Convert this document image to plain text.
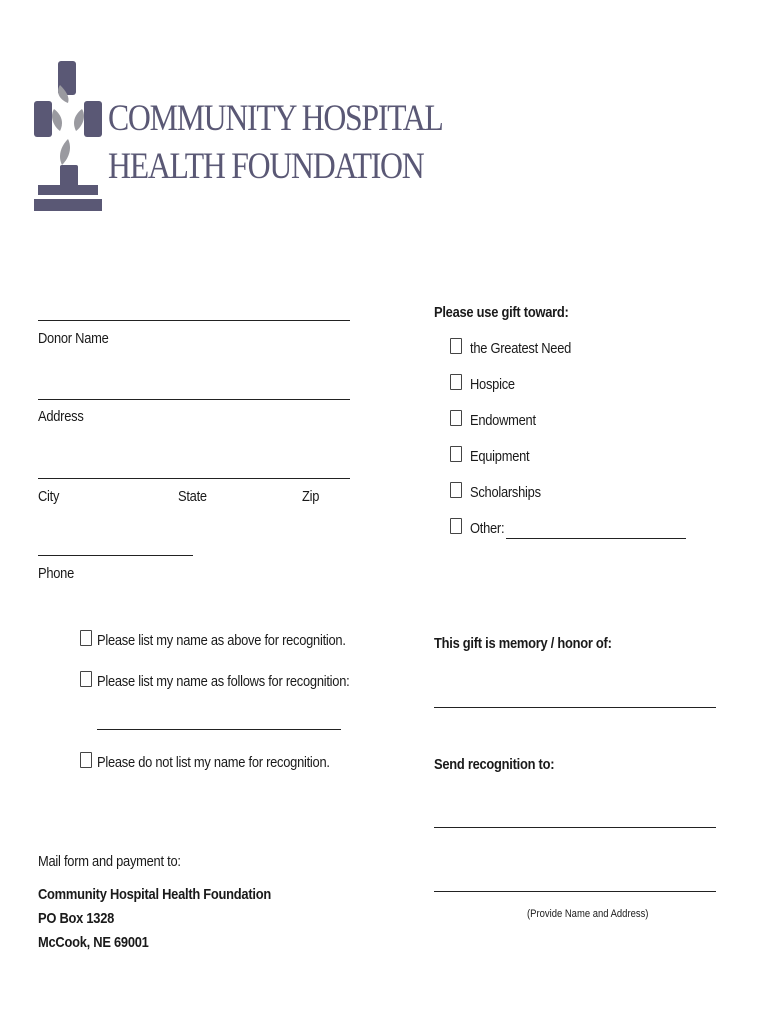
COMMUNITY HOSPITAL
HEALTH FOUNDATION
Donor Name
Address
City	State	Zip
Phone
Please use gift toward:
the Greatest Need
Hospice
Endowment
Equipment
Scholarships
Other:
Please list my name as above for recognition.
Please list my name as follows for recognition:
Please do not list my name for recognition.
This gift is memory / honor of:
Send recognition to:
(Provide Name and Address)
Mail form and payment to:
Community Hospital Health Foundation
PO Box 1328
McCook, NE 69001
